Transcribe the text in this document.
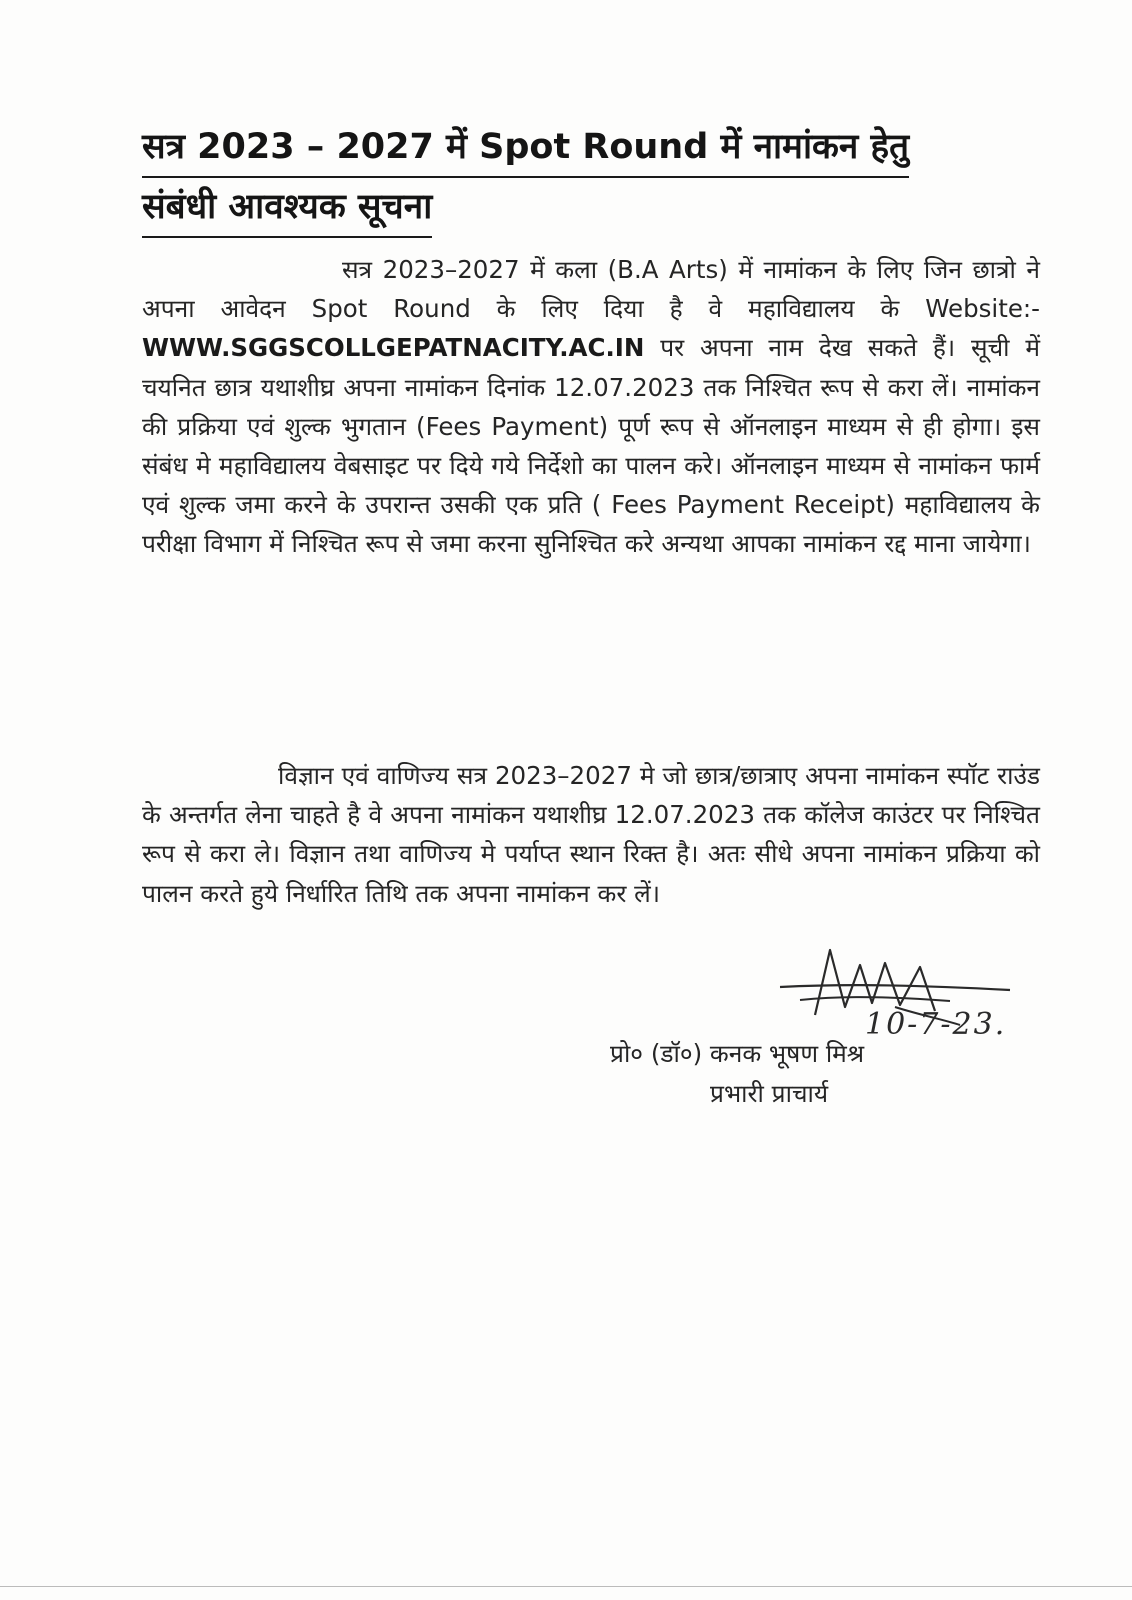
सत्र 2023 – 2027 में Spot Round में नामांकन हेतु
संबंधी आवश्यक सूचना

सत्र 2023–2027 में कला (B.A Arts) में नामांकन के लिए जिन छात्रो ने अपना आवेदन Spot Round के लिए दिया है वे महाविद्यालय के Website:- WWW.SGGSCOLLGEPATNACITY.AC.IN पर अपना नाम देख सकते हैं। सूची में चयनित छात्र यथाशीघ्र अपना नामांकन दिनांक 12.07.2023 तक निश्चित रूप से करा लें। नामांकन की प्रक्रिया एवं शुल्क भुगतान (Fees Payment) पूर्ण रूप से ऑनलाइन माध्यम से ही होगा। इस संबंध मे महाविद्यालय वेबसाइट पर दिये गये निर्देशो का पालन करे। ऑनलाइन माध्यम से नामांकन फार्म एवं शुल्क जमा करने के उपरान्त उसकी एक प्रति ( Fees Payment Receipt) महाविद्यालय के परीक्षा विभाग में निश्चित रूप से जमा करना सुनिश्चित करे अन्यथा आपका नामांकन रद्द माना जायेगा।

विज्ञान एवं वाणिज्य सत्र 2023–2027 मे जो छात्र/छात्राए अपना नामांकन स्पॉट राउंड के अन्तर्गत लेना चाहते है वे अपना नामांकन यथाशीघ्र 12.07.2023 तक कॉलेज काउंटर पर निश्चित रूप से करा ले। विज्ञान तथा वाणिज्य मे पर्याप्त स्थान रिक्त है। अतः सीधे अपना नामांकन प्रक्रिया को पालन करते हुये निर्धारित तिथि तक अपना नामांकन कर लें।

10-7-23.
प्रो० (डॉ०) कनक भूषण मिश्र
प्रभारी प्राचार्य
